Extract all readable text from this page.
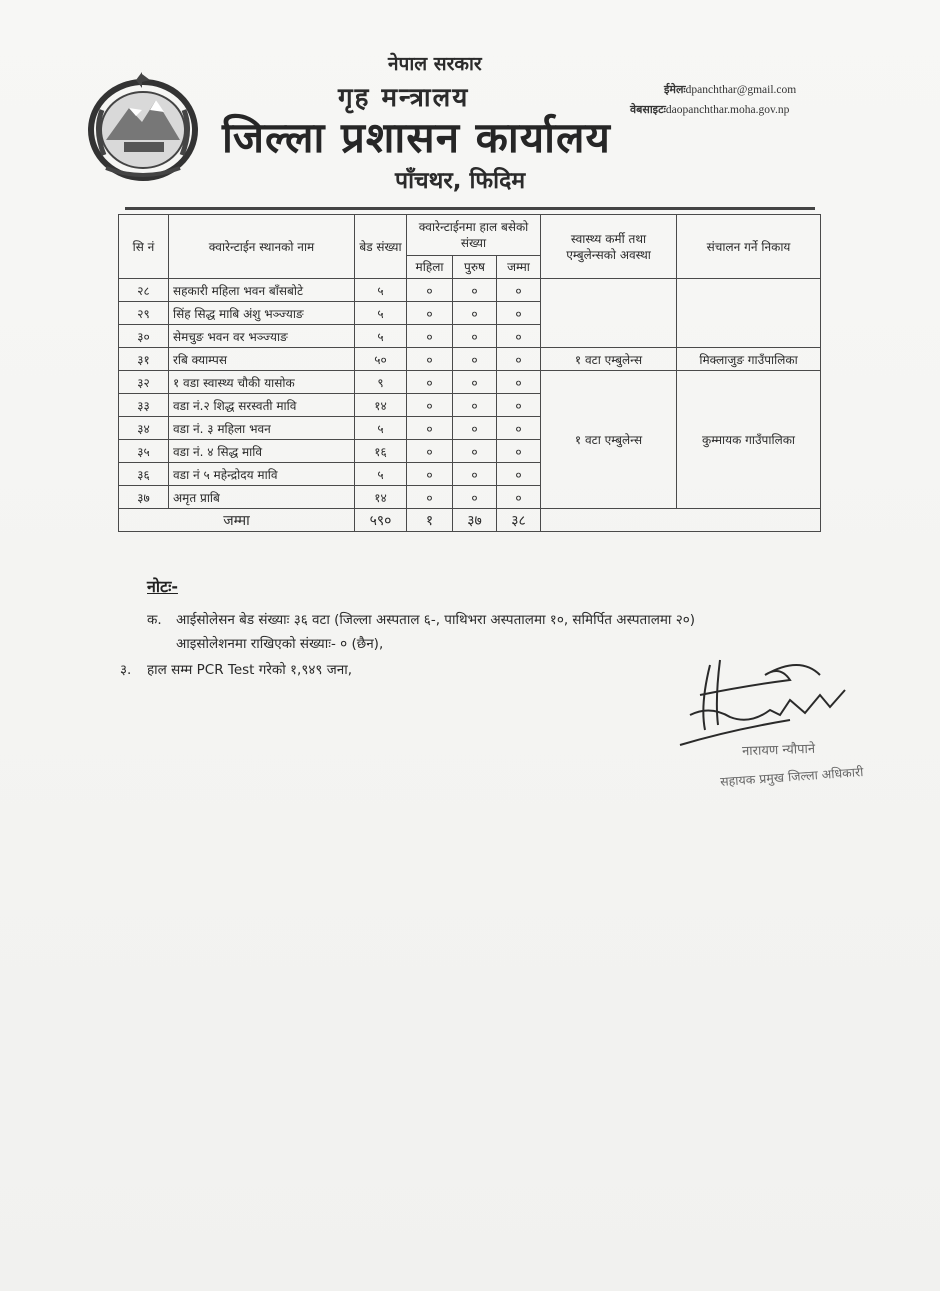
नेपाल सरकार
गृह मन्त्रालय
जिल्ला प्रशासन कार्यालय
पाँचथर, फिदिम
ईमेलःdpanchthar@gmail.com
वेबसाइटःdaopanchthar.moha.gov.np
सि नं	क्वारेन्टाईन स्थानको नाम	बेड संख्या	क्वारेन्टाईनमा हाल बसेको संख्या			स्वास्थ्य कर्मी तथा एम्बुलेन्सको अवस्था	संचालन गर्ने निकाय
			महिला	पुरुष	जम्मा		
२८	सहकारी महिला भवन बाँसबोटे	५	०	०	०		
२९	सिंह सिद्ध माबि अंशु भञ्ज्याङ	५	०	०	०		
३०	सेमचुङ भवन वर भञ्ज्याङ	५	०	०	०		
३१	रबि क्याम्पस	५०	०	०	०	१ वटा एम्बुलेन्स	मिक्लाजुङ गाउँपालिका
३२	१ वडा स्वास्थ्य चौकी यासोक	९	०	०	०	१ वटा एम्बुलेन्स	कुम्मायक गाउँपालिका
३३	वडा नं.२ शिद्ध सरस्वती मावि	१४	०	०	०		
३४	वडा नं. ३ महिला भवन	५	०	०	०		
३५	वडा नं. ४ सिद्ध मावि	१६	०	०	०		
३६	वडा नं ५ महेन्द्रोदय मावि	५	०	०	०		
३७	अमृत प्राबि	१४	०	०	०		
जम्मा		५९०	१	३७	३८		
नोटः-
क. आईसोलेसन बेड संख्याः ३६ वटा (जिल्ला अस्पताल ६-, पाथिभरा अस्पतालमा १०, समिर्पित अस्पतालमा २०)
आइसोलेशनमा राखिएको संख्याः- ० (छैन),
३. हाल सम्म PCR Test गरेको १,९४९ जना,
नारायण न्यौपाने
सहायक प्रमुख जिल्ला अधिकारी
